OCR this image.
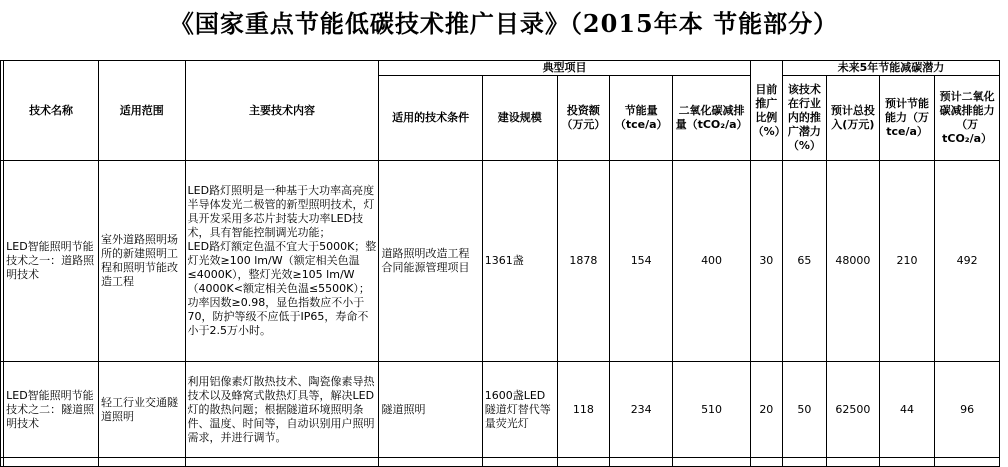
《国家重点节能低碳技术推广目录》（2015年本 节能部分）
	技术名称	适用范围	主要技术内容	典型项目					目前推广比例（%）	未来5年节能减碳潜力			
				适用的技术条件	建设规模	投资额（万元）	节能量（tce/a）	二氧化碳减排量（tCO₂/a）		该技术在行业内的推广潜力（%）	预计总投入(万元)	预计节能能力（万tce/a）	预计二氧化碳减排能力（万tCO₂/a）
	LED智能照明节能技术之一：道路照明技术	室外道路照明场所的新建照明工程和照明节能改造工程	LED路灯照明是一种基于大功率高亮度半导体发光二极管的新型照明技术，灯具开发采用多芯片封装大功率LED技术，具有智能控制调光功能；
LED路灯额定色温不宜大于5000K；整灯光效≥100 lm/W（额定相关色温≤4000K），整灯光效≥105 lm/W（4000K<额定相关色温≤5500K）；功率因数≥0.98，显色指数应不小于70，防护等级不应低于IP65，寿命不小于2.5万小时。	道路照明改造工程合同能源管理项目	1361盏	1878	154	400	30	65	48000	210	492
	LED智能照明节能技术之二：隧道照明技术	轻工行业交通隧道照明	利用铝像素灯散热技术、陶瓷像素导热技术以及蜂窝式散热灯具等，解决LED灯的散热问题；根据隧道环境照明条件、温度、时间等，自动识别用户照明需求，并进行调节。	隧道照明	1600盏LED隧道灯替代等量荧光灯	118	234	510	20	50	62500	44	96
